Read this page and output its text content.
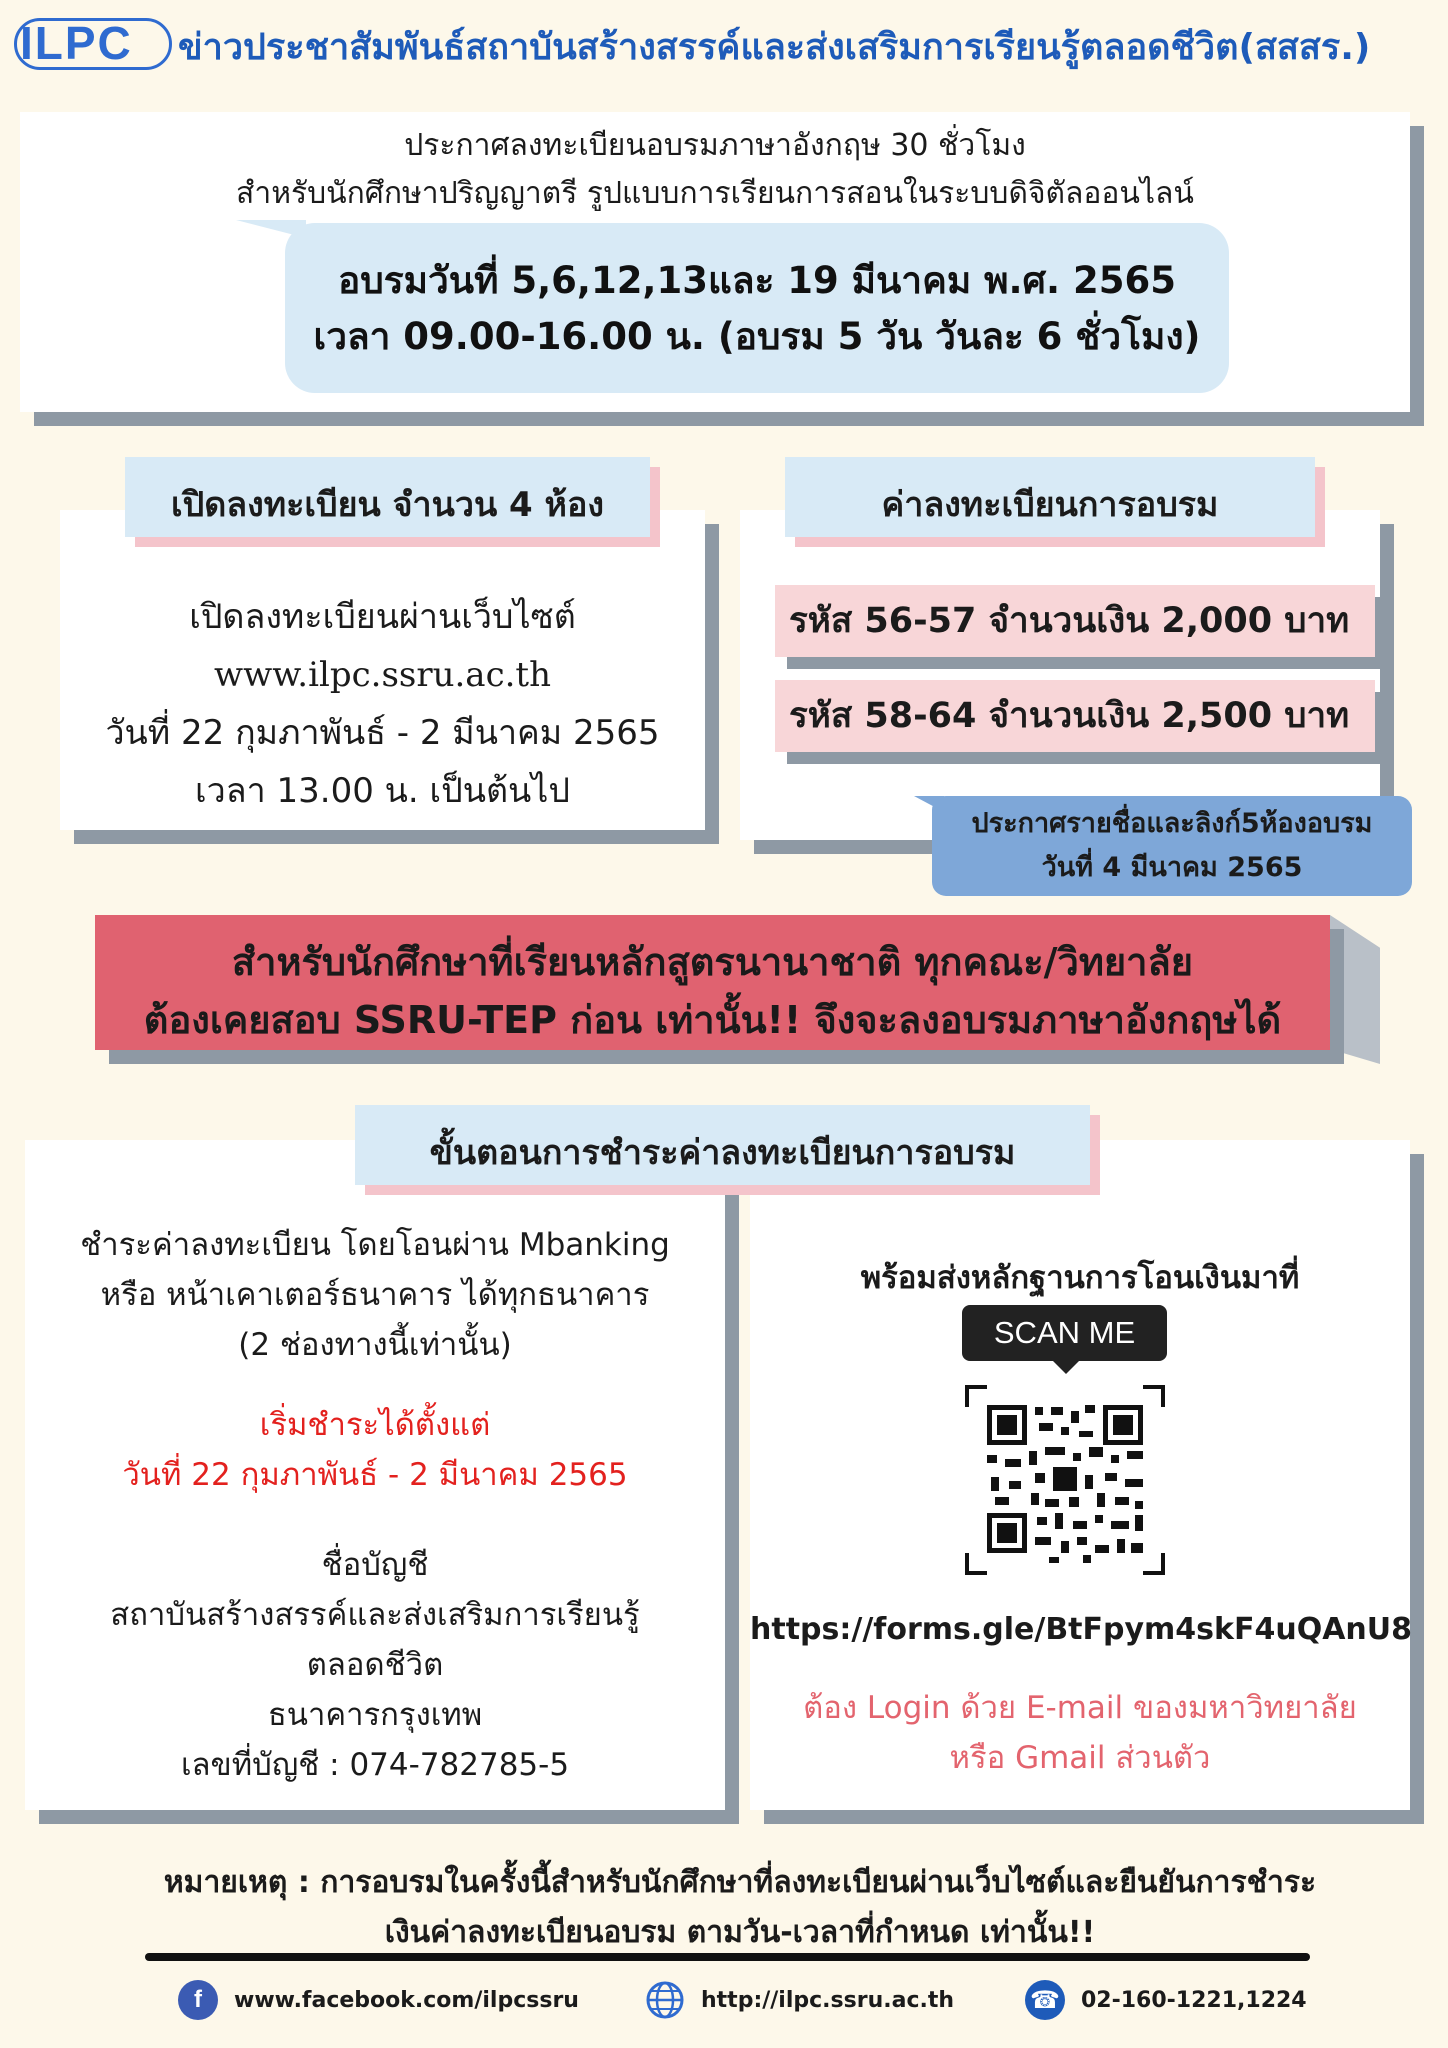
ILPC ข่าวประชาสัมพันธ์สถาบันสร้างสรรค์และส่งเสริมการเรียนรู้ตลอดชีวิต(สสสร.)
ประกาศลงทะเบียนอบรมภาษาอังกฤษ 30 ชั่วโมง
สำหรับนักศึกษาปริญญาตรี รูปแบบการเรียนการสอนในระบบดิจิตัลออนไลน์
อบรมวันที่ 5,6,12,13และ 19 มีนาคม พ.ศ. 2565
เวลา 09.00-16.00 น. (อบรม 5 วัน วันละ 6 ชั่วโมง)
เปิดลงทะเบียน จำนวน 4 ห้อง
เปิดลงทะเบียนผ่านเว็บไซต์
www.ilpc.ssru.ac.th
วันที่ 22 กุมภาพันธ์ - 2 มีนาคม 2565
เวลา 13.00 น. เป็นต้นไป
ค่าลงทะเบียนการอบรม
รหัส 56-57 จำนวนเงิน 2,000 บาท
รหัส 58-64 จำนวนเงิน 2,500 บาท
ประกาศรายชื่อและลิงก์5ห้องอบรม
วันที่ 4 มีนาคม 2565
สำหรับนักศึกษาที่เรียนหลักสูตรนานาชาติ ทุกคณะ/วิทยาลัย
ต้องเคยสอบ SSRU-TEP ก่อน เท่านั้น!! จึงจะลงอบรมภาษาอังกฤษได้
ขั้นตอนการชำระค่าลงทะเบียนการอบรม
ชำระค่าลงทะเบียน โดยโอนผ่าน Mbanking
หรือ หน้าเคาเตอร์ธนาคาร ได้ทุกธนาคาร
(2 ช่องทางนี้เท่านั้น)
เริ่มชำระได้ตั้งแต่
วันที่ 22 กุมภาพันธ์ - 2 มีนาคม 2565
ชื่อบัญชี
สถาบันสร้างสรรค์และส่งเสริมการเรียนรู้
ตลอดชีวิต
ธนาคารกรุงเทพ
เลขที่บัญชี : 074-782785-5
พร้อมส่งหลักฐานการโอนเงินมาที่
SCAN ME
https://forms.gle/BtFpym4skF4uQAnU8
ต้อง Login ด้วย E-mail ของมหาวิทยาลัย
หรือ Gmail ส่วนตัว
หมายเหตุ : การอบรมในครั้งนี้สำหรับนักศึกษาที่ลงทะเบียนผ่านเว็บไซต์และยืนยันการชำระ
เงินค่าลงทะเบียนอบรม ตามวัน-เวลาที่กำหนด เท่านั้น!!
f	www.facebook.com/ilpcssru	http://ilpc.ssru.ac.th	☎ 02-160-1221,1224
